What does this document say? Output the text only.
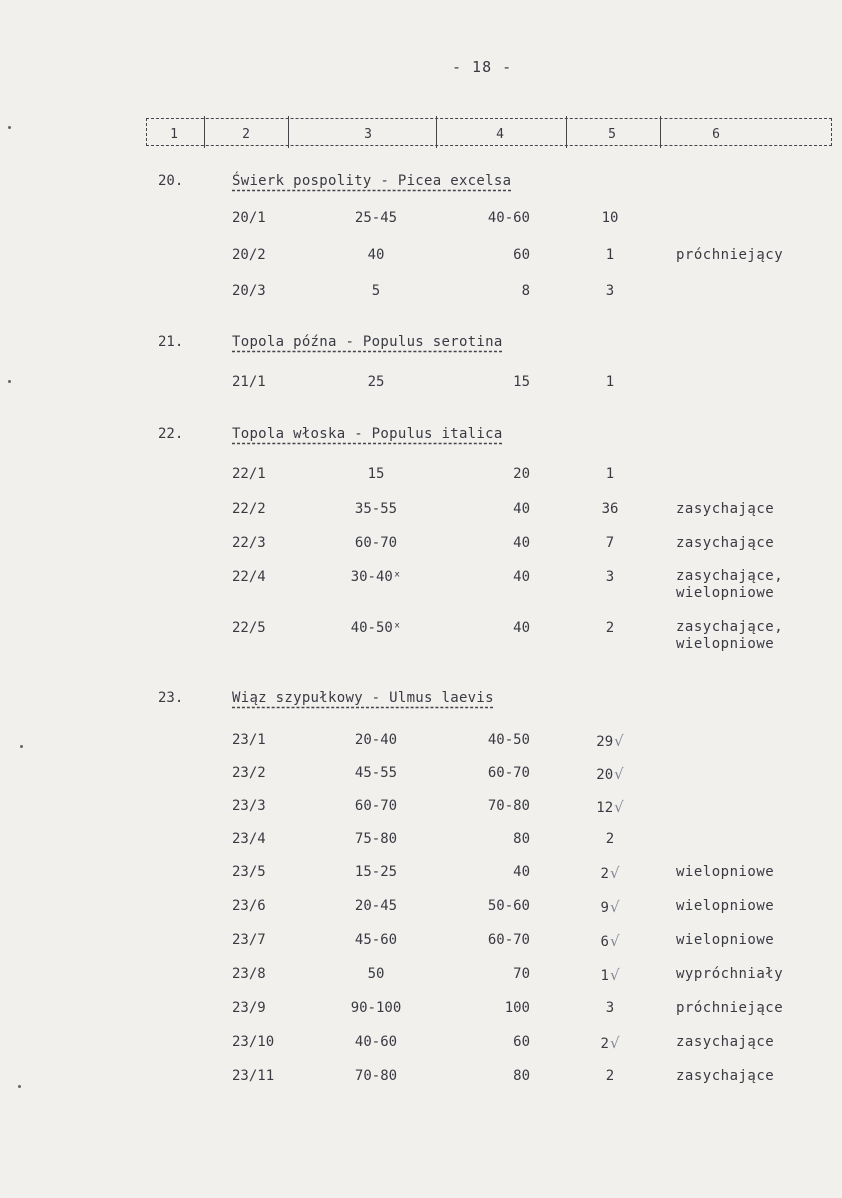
- 18 -
1	2	3	4	5	6
20.	Świerk pospolity - Picea excelsa
20/1	25-45	40-60	10
20/2	40	60	1	próchniejący
20/3	5	8	3
21.	Topola późna - Populus serotina
21/1	25	15	1
22.	Topola włoska - Populus italica
22/1	15	20	1
22/2	35-55	40	36	zasychające
22/3	60-70	40	7	zasychające
22/4	30-40ˣ	40	3	zasychające,
wielopniowe
22/5	40-50ˣ	40	2	zasychające,
wielopniowe
23.	Wiąz szypułkowy - Ulmus laevis
23/1	20-40	40-50	29√
23/2	45-55	60-70	20√
23/3	60-70	70-80	12√
23/4	75-80	80	2
23/5	15-25	40	2√	wielopniowe
23/6	20-45	50-60	9√	wielopniowe
23/7	45-60	60-70	6√	wielopniowe
23/8	50	70	1√	wypróchniały
23/9	90-100	100	3	próchniejące
23/10	40-60	60	2√	zasychające
23/11	70-80	80	2	zasychające
